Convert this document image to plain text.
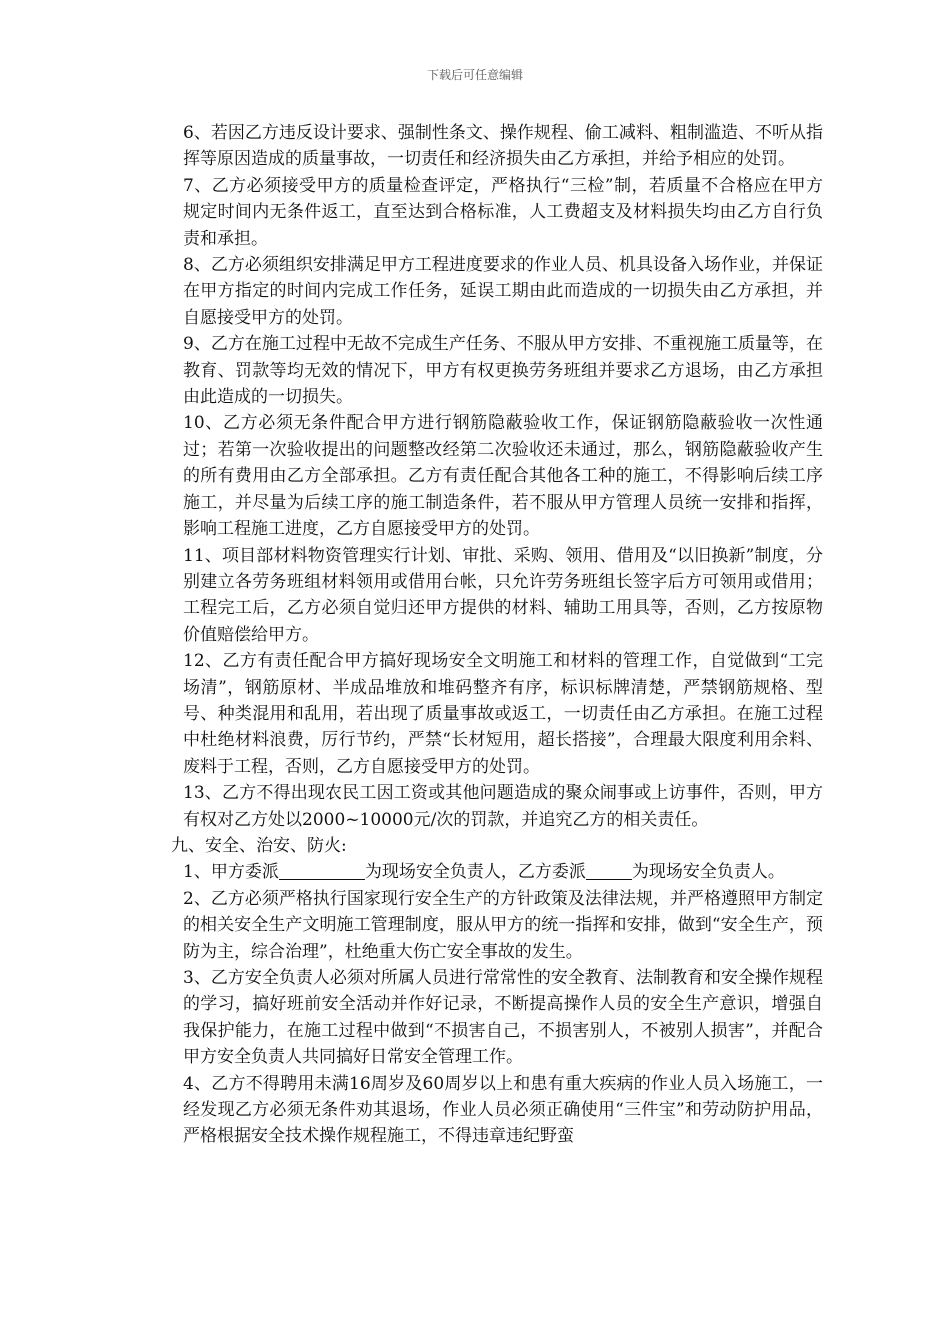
下载后可任意编辑

6、若因乙方违反设计要求、强制性条文、操作规程、偷工减料、粗制滥造、不听从指挥等原因造成的质量事故，一切责任和经济损失由乙方承担，并给予相应的处罚。

7、乙方必须接受甲方的质量检查评定，严格执行“三检”制，若质量不合格应在甲方规定时间内无条件返工，直至达到合格标准，人工费超支及材料损失均由乙方自行负责和承担。

8、乙方必须组织安排满足甲方工程进度要求的作业人员、机具设备入场作业，并保证在甲方指定的时间内完成工作任务，延误工期由此而造成的一切损失由乙方承担，并自愿接受甲方的处罚。

9、乙方在施工过程中无故不完成生产任务、不服从甲方安排、不重视施工质量等，在教育、罚款等均无效的情况下，甲方有权更换劳务班组并要求乙方退场，由乙方承担由此造成的一切损失。

10、乙方必须无条件配合甲方进行钢筋隐蔽验收工作，保证钢筋隐蔽验收一次性通过；若第一次验收提出的问题整改经第二次验收还未通过，那么，钢筋隐蔽验收产生的所有费用由乙方全部承担。乙方有责任配合其他各工种的施工，不得影响后续工序施工，并尽量为后续工序的施工制造条件，若不服从甲方管理人员统一安排和指挥，影响工程施工进度，乙方自愿接受甲方的处罚。

11、项目部材料物资管理实行计划、审批、采购、领用、借用及“以旧换新”制度，分别建立各劳务班组材料领用或借用台帐，只允许劳务班组长签字后方可领用或借用；工程完工后，乙方必须自觉归还甲方提供的材料、辅助工用具等，否则，乙方按原物价值赔偿给甲方。

12、乙方有责任配合甲方搞好现场安全文明施工和材料的管理工作，自觉做到“工完场清”，钢筋原材、半成品堆放和堆码整齐有序，标识标牌清楚，严禁钢筋规格、型号、种类混用和乱用，若出现了质量事故或返工，一切责任由乙方承担。在施工过程中杜绝材料浪费，厉行节约，严禁“长材短用，超长搭接”，合理最大限度利用余料、废料于工程，否则，乙方自愿接受甲方的处罚。

13、乙方不得出现农民工因工资或其他问题造成的聚众闹事或上访事件，否则，甲方有权对乙方处以2000~10000元/次的罚款，并追究乙方的相关责任。

九、安全、治安、防火:

1、甲方委派	为现场安全负责人，乙方委派	为现场安全负责人。

2、乙方必须严格执行国家现行安全生产的方针政策及法律法规，并严格遵照甲方制定的相关安全生产文明施工管理制度，服从甲方的统一指挥和安排，做到“安全生产，预防为主，综合治理”，杜绝重大伤亡安全事故的发生。

3、乙方安全负责人必须对所属人员进行常常性的安全教育、法制教育和安全操作规程的学习，搞好班前安全活动并作好记录，不断提高操作人员的安全生产意识，增强自我保护能力，在施工过程中做到“不损害自己，不损害别人，不被别人损害”，并配合甲方安全负责人共同搞好日常安全管理工作。

4、乙方不得聘用未满16周岁及60周岁以上和患有重大疾病的作业人员入场施工，一经发现乙方必须无条件劝其退场，作业人员必须正确使用“三件宝”和劳动防护用品，严格根据安全技术操作规程施工，不得违章违纪野蛮
